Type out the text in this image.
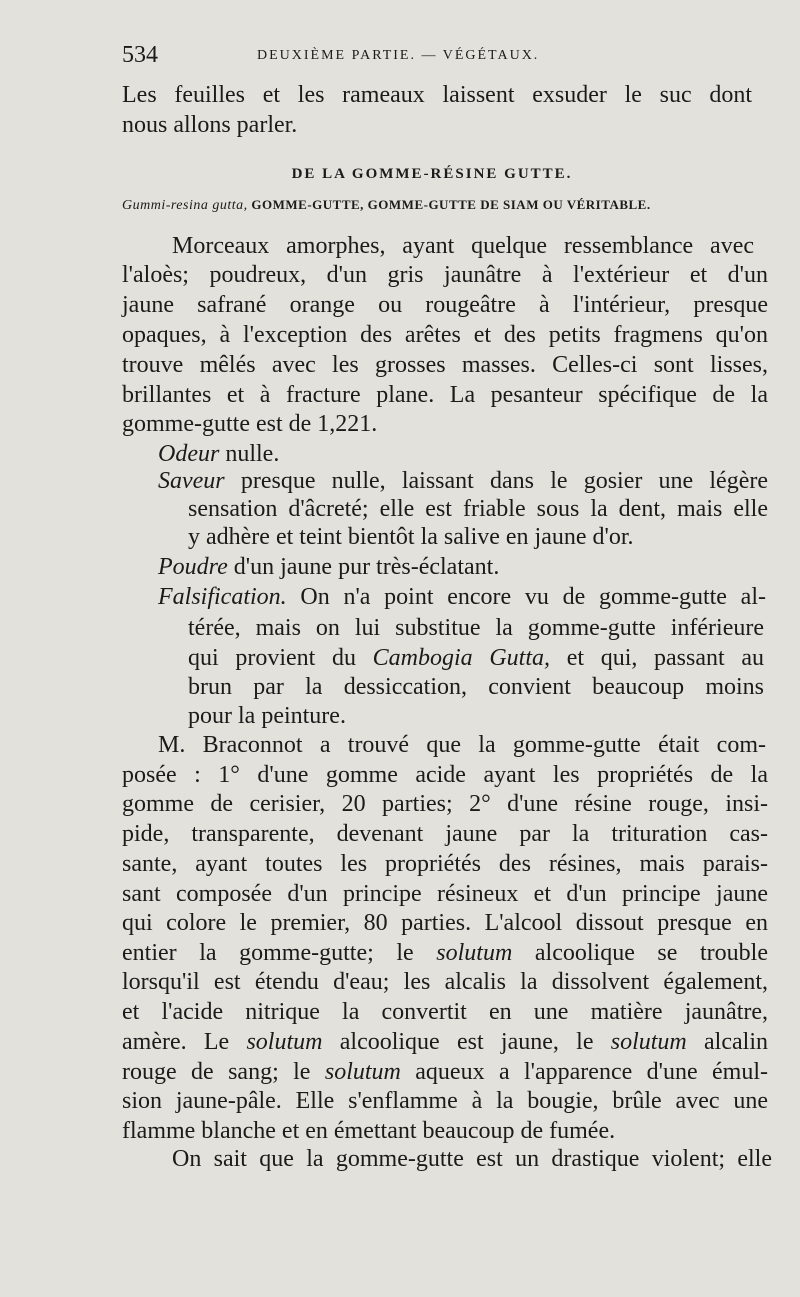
534	DEUXIÈME PARTIE. — VÉGÉTAUX.
Les feuilles et les rameaux laissent exsuder le suc dont
nous allons parler.
DE LA GOMME-RÉSINE GUTTE.
Gummi-resina gutta, GOMME-GUTTE, GOMME-GUTTE DE SIAM OU VÉRITABLE.
Morceaux amorphes, ayant quelque ressemblance avec
l'aloès; poudreux, d'un gris jaunâtre à l'extérieur et d'un
jaune safrané orange ou rougeâtre à l'intérieur, presque
opaques, à l'exception des arêtes et des petits fragmens qu'on
trouve mêlés avec les grosses masses. Celles-ci sont lisses,
brillantes et à fracture plane. La pesanteur spécifique de la
gomme-gutte est de 1,221.
Odeur nulle.
Saveur presque nulle, laissant dans le gosier une légère
sensation d'âcreté; elle est friable sous la dent, mais elle
y adhère et teint bientôt la salive en jaune d'or.
Poudre d'un jaune pur très-éclatant.
Falsification. On n'a point encore vu de gomme-gutte al-
térée, mais on lui substitue la gomme-gutte inférieure
qui provient du Cambogia Gutta, et qui, passant au
brun par la dessiccation, convient beaucoup moins
pour la peinture.
M. Braconnot a trouvé que la gomme-gutte était com-
posée : 1° d'une gomme acide ayant les propriétés de la
gomme de cerisier, 20 parties; 2° d'une résine rouge, insi-
pide, transparente, devenant jaune par la trituration cas-
sante, ayant toutes les propriétés des résines, mais parais-
sant composée d'un principe résineux et d'un principe jaune
qui colore le premier, 80 parties. L'alcool dissout presque en
entier la gomme-gutte; le solutum alcoolique se trouble
lorsqu'il est étendu d'eau; les alcalis la dissolvent également,
et l'acide nitrique la convertit en une matière jaunâtre,
amère. Le solutum alcoolique est jaune, le solutum alcalin
rouge de sang; le solutum aqueux a l'apparence d'une émul-
sion jaune-pâle. Elle s'enflamme à la bougie, brûle avec une
flamme blanche et en émettant beaucoup de fumée.
On sait que la gomme-gutte est un drastique violent; elle
